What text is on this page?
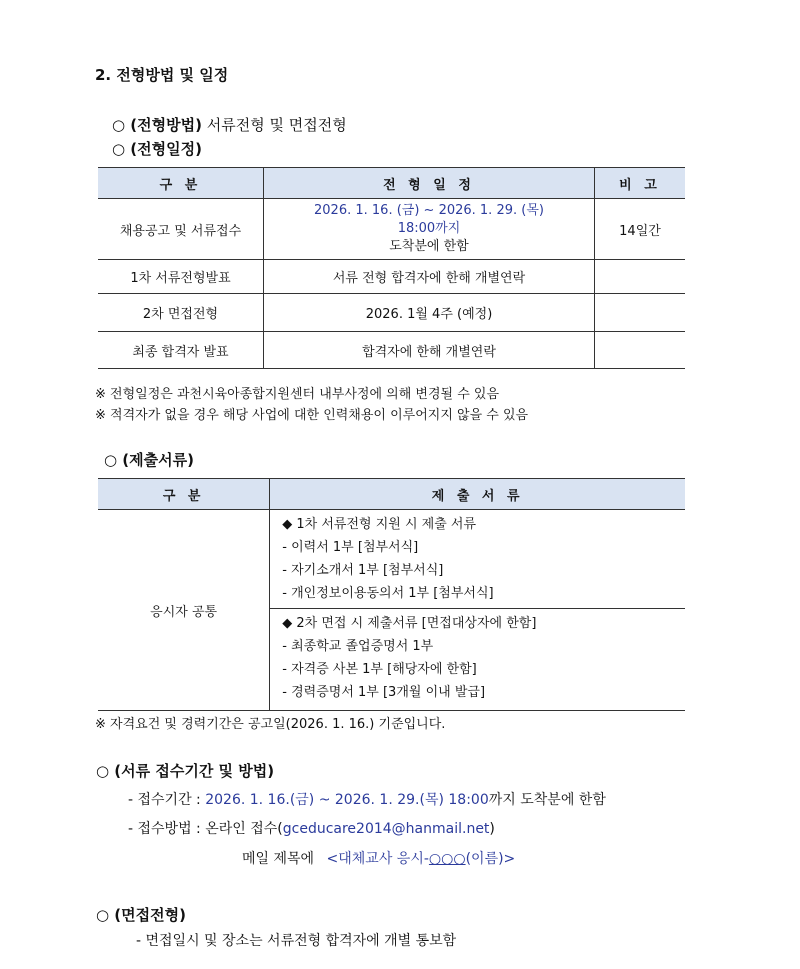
2. 전형방법 및 일정
○ (전형방법) 서류전형 및 면접전형
○ (전형일정)
구 분	전 형 일 정	비 고
채용공고 및 서류접수	2026. 1. 16. (금) ~ 2026. 1. 29. (목)
18:00까지
도착분에 한함	14일간
1차 서류전형발표	서류 전형 합격자에 한해 개별연락	
2차 면접전형	2026. 1월 4주 (예정)	
최종 합격자 발표	합격자에 한해 개별연락	
※ 전형일정은 과천시육아종합지원센터 내부사정에 의해 변경될 수 있음
※ 적격자가 없을 경우 해당 사업에 대한 인력채용이 이루어지지 않을 수 있음
○ (제출서류)
구 분	제 출 서 류
응시자 공통	◆ 1차 서류전형 지원 시 제출 서류
- 이력서 1부 [첨부서식]
- 자기소개서 1부 [첨부서식]
- 개인정보이용동의서 1부 [첨부서식]

	◆ 2차 면접 시 제출서류 [면접대상자에 한함]
- 최종학교 졸업증명서 1부
- 자격증 사본 1부 [해당자에 한함]
- 경력증명서 1부 [3개월 이내 발급]
※ 자격요건 및 경력기간은 공고일(2026. 1. 16.) 기준입니다.
○ (서류 접수기간 및 방법)
- 접수기간 : 2026. 1. 16.(금) ~ 2026. 1. 29.(목) 18:00까지 도착분에 한함
- 접수방법 : 온라인 접수(gceducare2014@hanmail.net)
메일 제목에 <대체교사 응시-○○○(이름)>
○ (면접전형)
- 면접일시 및 장소는 서류전형 합격자에 개별 통보함
